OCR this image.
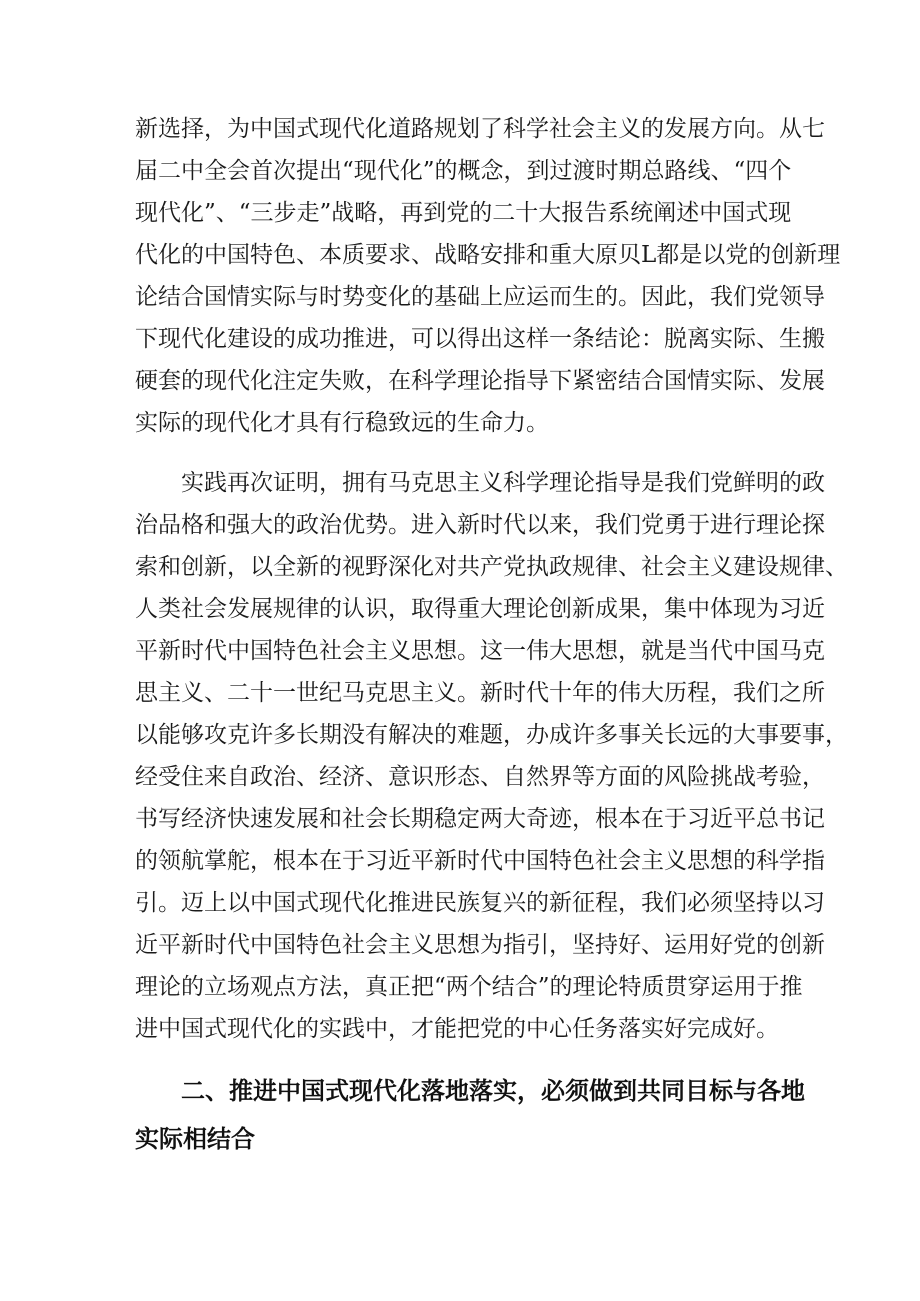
新选择，为中国式现代化道路规划了科学社会主义的发展方向。从七
届二中全会首次提出“现代化”的概念，到过渡时期总路线、“四个
现代化”、“三步走”战略，再到党的二十大报告系统阐述中国式现
代化的中国特色、本质要求、战略安排和重大原贝L都是以党的创新理
论结合国情实际与时势变化的基础上应运而生的。因此，我们党领导
下现代化建设的成功推进，可以得出这样一条结论：脱离实际、生搬
硬套的现代化注定失败，在科学理论指导下紧密结合国情实际、发展
实际的现代化才具有行稳致远的生命力。
实践再次证明，拥有马克思主义科学理论指导是我们党鲜明的政
治品格和强大的政治优势。进入新时代以来，我们党勇于进行理论探
索和创新，以全新的视野深化对共产党执政规律、社会主义建设规律、
人类社会发展规律的认识，取得重大理论创新成果，集中体现为习近
平新时代中国特色社会主义思想。这一伟大思想，就是当代中国马克
思主义、二十一世纪马克思主义。新时代十年的伟大历程，我们之所
以能够攻克许多长期没有解决的难题，办成许多事关长远的大事要事，
经受住来自政治、经济、意识形态、自然界等方面的风险挑战考验，
书写经济快速发展和社会长期稳定两大奇迹，根本在于习近平总书记
的领航掌舵，根本在于习近平新时代中国特色社会主义思想的科学指
引。迈上以中国式现代化推进民族复兴的新征程，我们必须坚持以习
近平新时代中国特色社会主义思想为指引，坚持好、运用好党的创新
理论的立场观点方法，真正把“两个结合”的理论特质贯穿运用于推
进中国式现代化的实践中，才能把党的中心任务落实好完成好。
二、推进中国式现代化落地落实，必须做到共同目标与各地
实际相结合
